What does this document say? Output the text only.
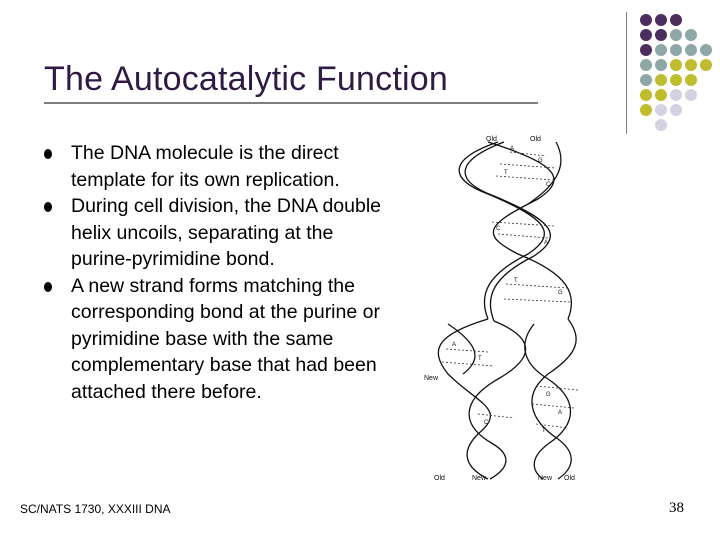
The Autocatalytic Function
The DNA molecule is the direct template for its own replication.
During cell division, the DNA double helix uncoils, separating at the purine-pyrimidine bond.
A new strand forms matching the corresponding bond at the purine or pyrimidine base with the same complementary base that had been attached there before.
A
G
T
C
C
A
T
G
A
T
C
G
A
T
Old	Old
New
Old	New	New Old
SC/NATS 1730, XXXIII DNA	38
